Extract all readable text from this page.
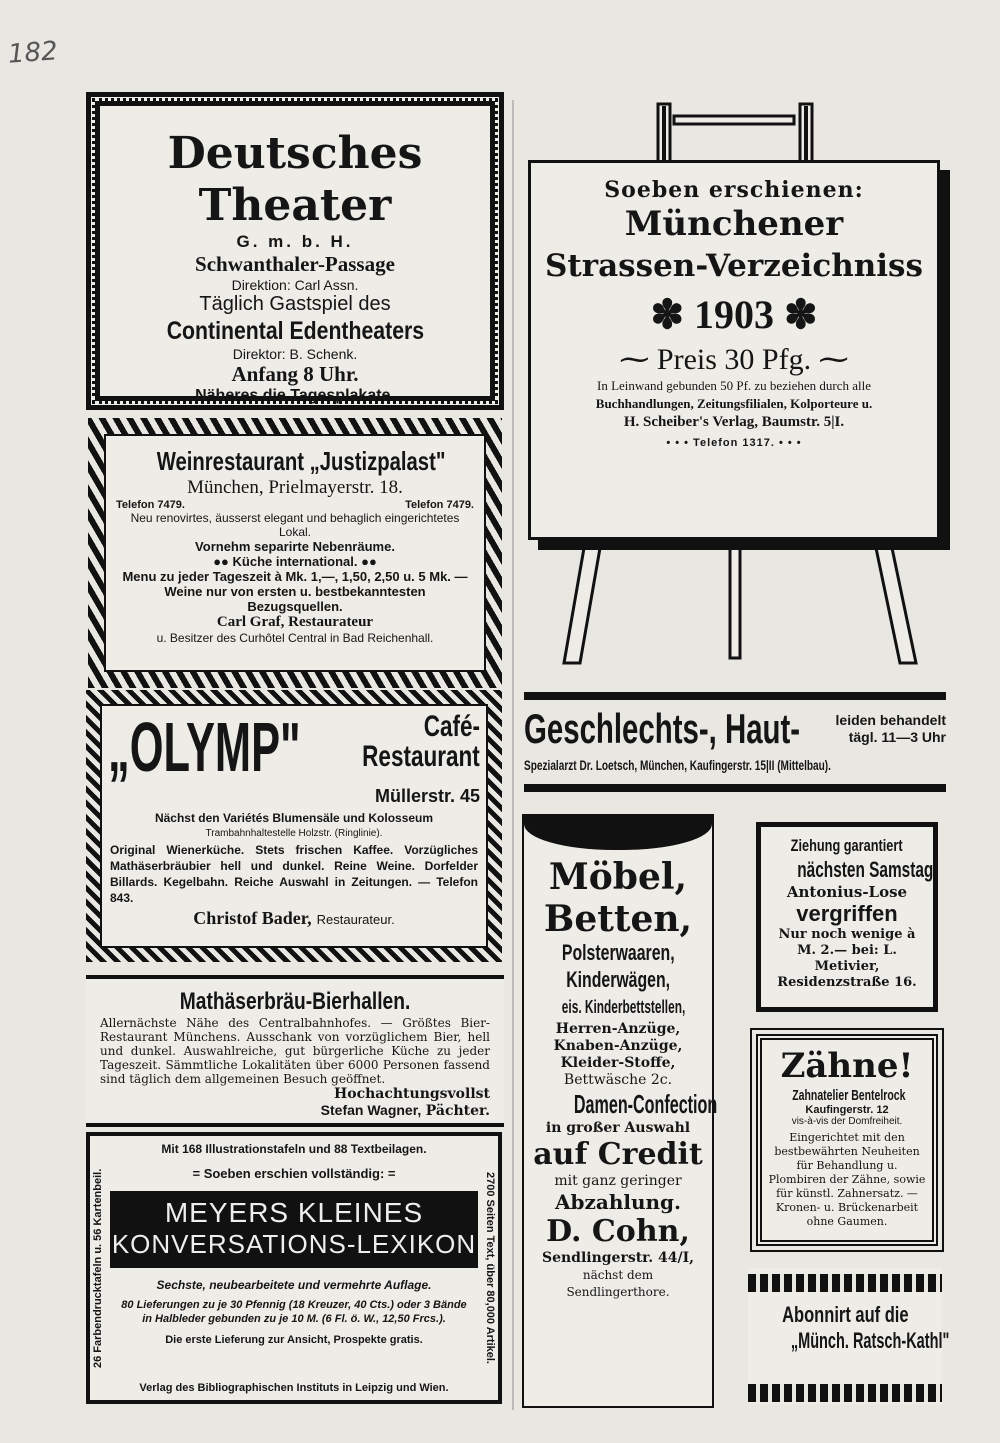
182

Deutsches Theater

G. m. b. H.

Schwanthaler-Passage

Direktion: Carl Assn.

Täglich Gastspiel des

Continental Edentheaters

Direktor: B. Schenk.

Anfang 8 Uhr.

Näheres die Tagesplakate.

Weinrestaurant „Justizpalast"

München, Prielmayerstr. 18.

Telefon 7479.	Telefon 7479.

Neu renovirtes, äusserst elegant und behaglich eingerichtetes Lokal.

Vornehm separirte Nebenräume.

●● Küche international. ●●

Menu zu jeder Tageszeit à Mk. 1,—, 1,50, 2,50 u. 5 Mk. — Weine nur von ersten u. bestbekanntesten Bezugsquellen.

Carl Graf, Restaurateur

u. Besitzer des Curhôtel Central in Bad Reichenhall.

„OLYMP"	Café-
Restaurant
Müllerstr. 45

Nächst den Variétés Blumensäle und Kolosseum

Trambahnhaltestelle Holzstr. (Ringlinie).

Original Wienerküche. Stets frischen Kaffee. Vorzügliches Mathäserbräubier hell und dunkel. Reine Weine. Dorfelder Billards. Kegelbahn. Reiche Auswahl in Zeitungen. — Telefon 843.

Christof Bader, Restaurateur.

Mathäserbräu-Bierhallen.

Allernächste Nähe des Centralbahnhofes. — Größtes Bier-Restaurant Münchens. Ausschank von vorzüglichem Bier, hell und dunkel. Auswahlreiche, gut bürgerliche Küche zu jeder Tageszeit. Sämmtliche Lokalitäten über 6000 Personen fassend sind täglich dem allgemeinen Besuch geöffnet.

Hochachtungsvollst

Stefan Wagner, Pächter.

Mit 168 Illustrationstafeln und 88 Textbeilagen.

= Soeben erschien vollständig: =

MEYERS KLEINES

KONVERSATIONS-LEXIKON

Sechste, neubearbeitete und vermehrte Auflage.

80 Lieferungen zu je 30 Pfennig (18 Kreuzer, 40 Cts.) oder 3 Bände in Halbleder gebunden zu je 10 M. (6 Fl. ö. W., 12,50 Frcs.).

Die erste Lieferung zur Ansicht, Prospekte gratis.

26 Farbendrucktafeln u. 56 Kartenbeil.	2700 Seiten Text, über 80,000 Artikel.

Verlag des Bibliographischen Instituts in Leipzig und Wien.

Soeben erschienen:

Münchener

Strassen-Verzeichniss

✽ 1903 ✽

⁓ Preis 30 Pfg. ⁓

In Leinwand gebunden 50 Pf. zu beziehen durch alle

Buchhandlungen, Zeitungsfilialen, Kolporteure u.

H. Scheiber's Verlag, Baumstr. 5|I.

• • • Telefon 1317. • • •

Geschlechts-, Haut-	leiden behandelt

tägl. 11—3 Uhr

Spezialarzt Dr. Loetsch, München, Kaufingerstr. 15|II (Mittelbau).

Möbel,

Betten,

Polsterwaaren,

Kinderwägen,

eis. Kinderbettstellen,

Herren-Anzüge,

Knaben-Anzüge,

Kleider-Stoffe,

Bettwäsche 2c.

Damen-Confection

in großer Auswahl

auf Credit

mit ganz geringer

Abzahlung.

D. Cohn,

Sendlingerstr. 44/I,

nächst dem Sendlingerthore.

Ziehung garantiert

nächsten Samstag!

Antonius-Lose

vergriffen

Nur noch wenige à M. 2.— bei: L. Metivier, Residenzstraße 16.

Zähne!

Zahnatelier Bentelrock

Kaufingerstr. 12

vis-à-vis der Domfreiheit.

Eingerichtet mit den bestbewährten Neuheiten für Behandlung u. Plombiren der Zähne, sowie für künstl. Zahnersatz. — Kronen- u. Brückenarbeit ohne Gaumen.

Abonnirt auf die

„Münch. Ratsch-Kathl"
